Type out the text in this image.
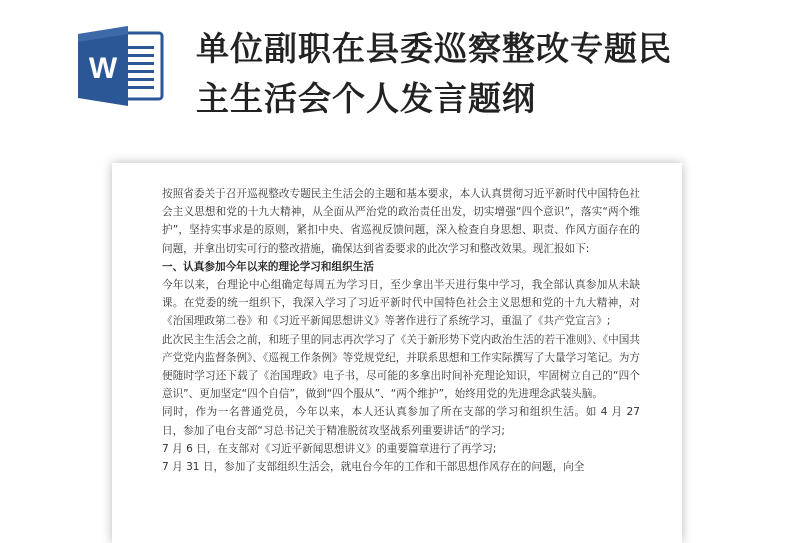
W
单位副职在县委巡察整改专题民
主生活会个人发言题纲

按照省委关于召开巡视整改专题民主生活会的主题和基本要求，本人认真贯彻习近平新时代中国特色社会主义思想和党的十九大精神，从全面从严治党的政治责任出发，切实增强“四个意识”，落实“两个维护”，坚持实事求是的原则，紧扣中央、省巡视反馈问题，深入检查自身思想、职责、作风方面存在的问题，并拿出切实可行的整改措施，确保达到省委要求的此次学习和整改效果。现汇报如下:

一、认真参加今年以来的理论学习和组织生活

今年以来，台理论中心组确定每周五为学习日，至少拿出半天进行集中学习，我全部认真参加从未缺课。在党委的统一组织下，我深入学习了习近平新时代中国特色社会主义思想和党的十九大精神，对《治国理政第二卷》和《习近平新闻思想讲义》等著作进行了系统学习，重温了《共产党宣言》;

此次民主生活会之前，和班子里的同志再次学习了《关于新形势下党内政治生活的若干准则》、《中国共产党党内监督条例》、《巡视工作条例》等党规党纪，并联系思想和工作实际撰写了大量学习笔记。为方便随时学习还下载了《治国理政》电子书，尽可能的多拿出时间补充理论知识，牢固树立自己的“四个意识”、更加坚定“四个自信”，做到“四个服从”、“两个维护”，始终用党的先进理念武装头脑。

同时，作为一名普通党员，今年以来，本人还认真参加了所在支部的学习和组织生活。如 4 月 27 日，参加了电台支部“习总书记关于精准脱贫攻坚战系列重要讲话”的学习;

7 月 6 日，在支部对《习近平新闻思想讲义》的重要篇章进行了再学习;

7 月 31 日，参加了支部组织生活会，就电台今年的工作和干部思想作风存在的问题，向全
